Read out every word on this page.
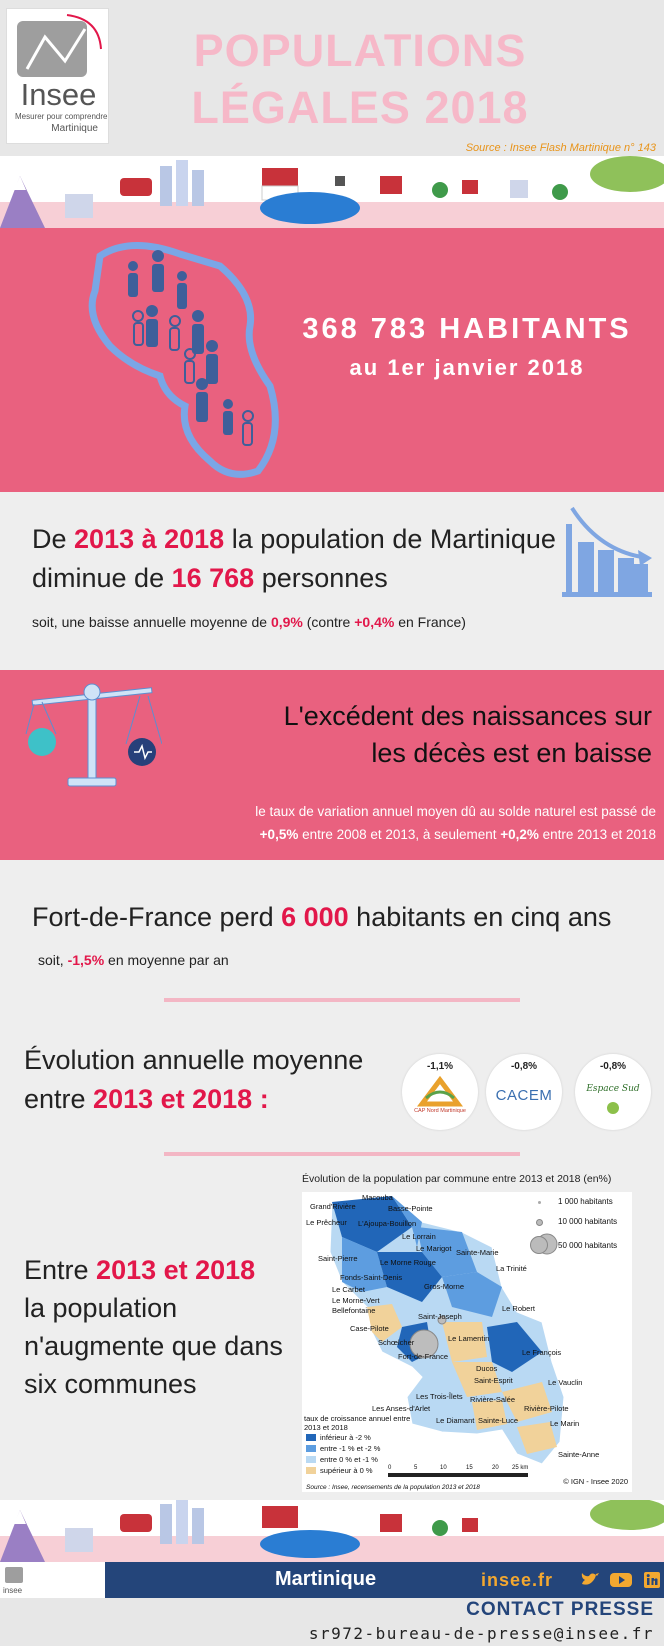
Insee
Mesurer pour comprendre
Martinique
POPULATIONS
LÉGALES 2018
Source : Insee Flash Martinique n° 143
368 783 HABITANTS
au 1er janvier 2018
De 2013 à 2018 la population de Martinique diminue de 16 768 personnes
soit, une baisse annuelle moyenne de 0,9% (contre +0,4% en France)
L'excédent des naissances sur
les décès est en baisse
le taux de variation annuel moyen dû au solde naturel est passé de
+0,5% entre 2008 et 2013, à seulement +0,2% entre 2013 et 2018
Fort-de-France perd 6 000 habitants en cinq ans
soit, -1,5% en moyenne par an
Évolution annuelle moyenne
entre 2013 et 2018 :
-1,1%
CAP Nord Martinique
-0,8%
CACEM
-0,8%
Espace Sud
Entre 2013 et 2018
la population n'augmente que dans six communes
Évolution de la population par commune entre 2013 et 2018 (en%)
Macouba
Grand'Rivière	Basse-Pointe
Le Prêcheur L'Ajoupa-Bouillon
Le Lorrain
Le Marigot Sainte-Marie
Saint-Pierre	Le Morne Rouge
La Trinité
Fonds-Saint-Denis
Le Carbet	Gros-Morne
Le Morne-Vert
Bellefontaine
Saint-Joseph
Le Robert
Case-Pilote
Schœlcher	Le Lamentin
Le François
Fort-de-France
Ducos
Saint-Esprit	Le Vauclin
Les Trois-Îlets Rivière-Salée
Rivière-Pilote
Les Anses-d'Arlet
Le Diamant Sainte-Luce	Le Marin
Sainte-Anne
1 000 habitants
10 000 habitants
50 000 habitants
taux de croissance annuel entre 2013 et 2018
inférieur à -2 %
entre -1 % et -2 %
entre 0 % et -1 %
supérieur à 0 %	0	5	10	15	20 25 km
© IGN - Insee 2020
Source : Insee, recensements de la population 2013 et 2018
insee
Martinique	insee.fr
CONTACT PRESSE
sr972-bureau-de-presse@insee.fr
